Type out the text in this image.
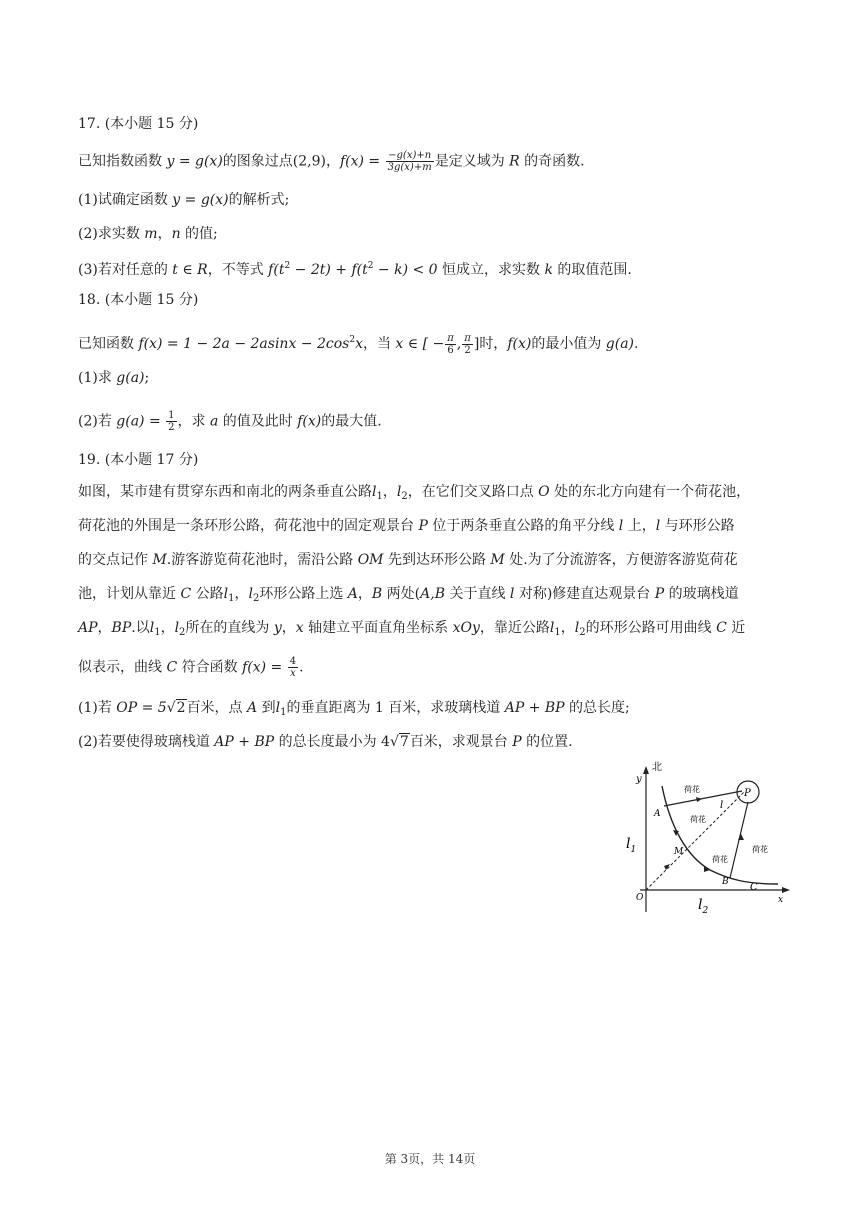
17. (本小题 15 分)
已知指数函数 y = g(x)的图象过点(2,9)，$f(x) = \frac{-g(x)+n}{3g(x)+m}$ 是定义域为 R 的奇函数.
(1)试确定函数 y = g(x)的解析式;
(2)求实数 m，n 的值;
(3)若对任意的 t ∈ R，不等式 $f(t^2 - 2t) + f(t^2 - k) < 0$ 恒成立，求实数 k 的取值范围.
18. (本小题 15 分)
已知函数 $f(x) = 1 - 2a - 2asinx - 2\cos^2x$，当 x ∈ [ − $\frac{\pi}{6}$ , $\frac{\pi}{2}$ ]时，f(x)的最小值为 g(a).
(1)求 g(a);
(2)若 $g(a) = \frac{1}{2}$ ，求 a 的值及此时 f(x)的最大值.
19. (本小题 17 分)
如图，某市建有贯穿东西和南北的两条垂直公路$l_1$，$l_2$，在它们交叉路口点 O 处的东北方向建有一个荷花池，
荷花池的外围是一条环形公路，荷花池中的固定观景台 P 位于两条垂直公路的角平分线 l 上，l 与环形公路
的交点记作 M.游客游览荷花池时，需沿公路 OM 先到达环形公路 M 处.为了分流游客，方便游客游览荷花
池，计划从靠近 C 公路$l_1$，$l_2$环形公路上选 A，B 两处(A,B 关于直线 l 对称)修建直达观景台 P 的玻璃栈道
AP，BP.以$l_1$，$l_2$所在的直线为 y，x 轴建立平面直角坐标系 xOy，靠近公路$l_1$，$l_2$的环形公路可用曲线 C 近
似表示，曲线 C 符合函数 $f(x) = \frac{4}{x}$ .
(1)若 OP = 5√2百米，点 A 到$l_1$的垂直距离为 1 百米，求玻璃栈道 AP + BP 的总长度;
(2)若要使得玻璃栈道 AP + BP 的总长度最小为 4√7百米，求观景台 P 的位置.
北
y
x
O
A
B C
M
P
l
$l_1$
$l_2$
荷花
荷花
荷花
荷花
第 3页，共 14页
